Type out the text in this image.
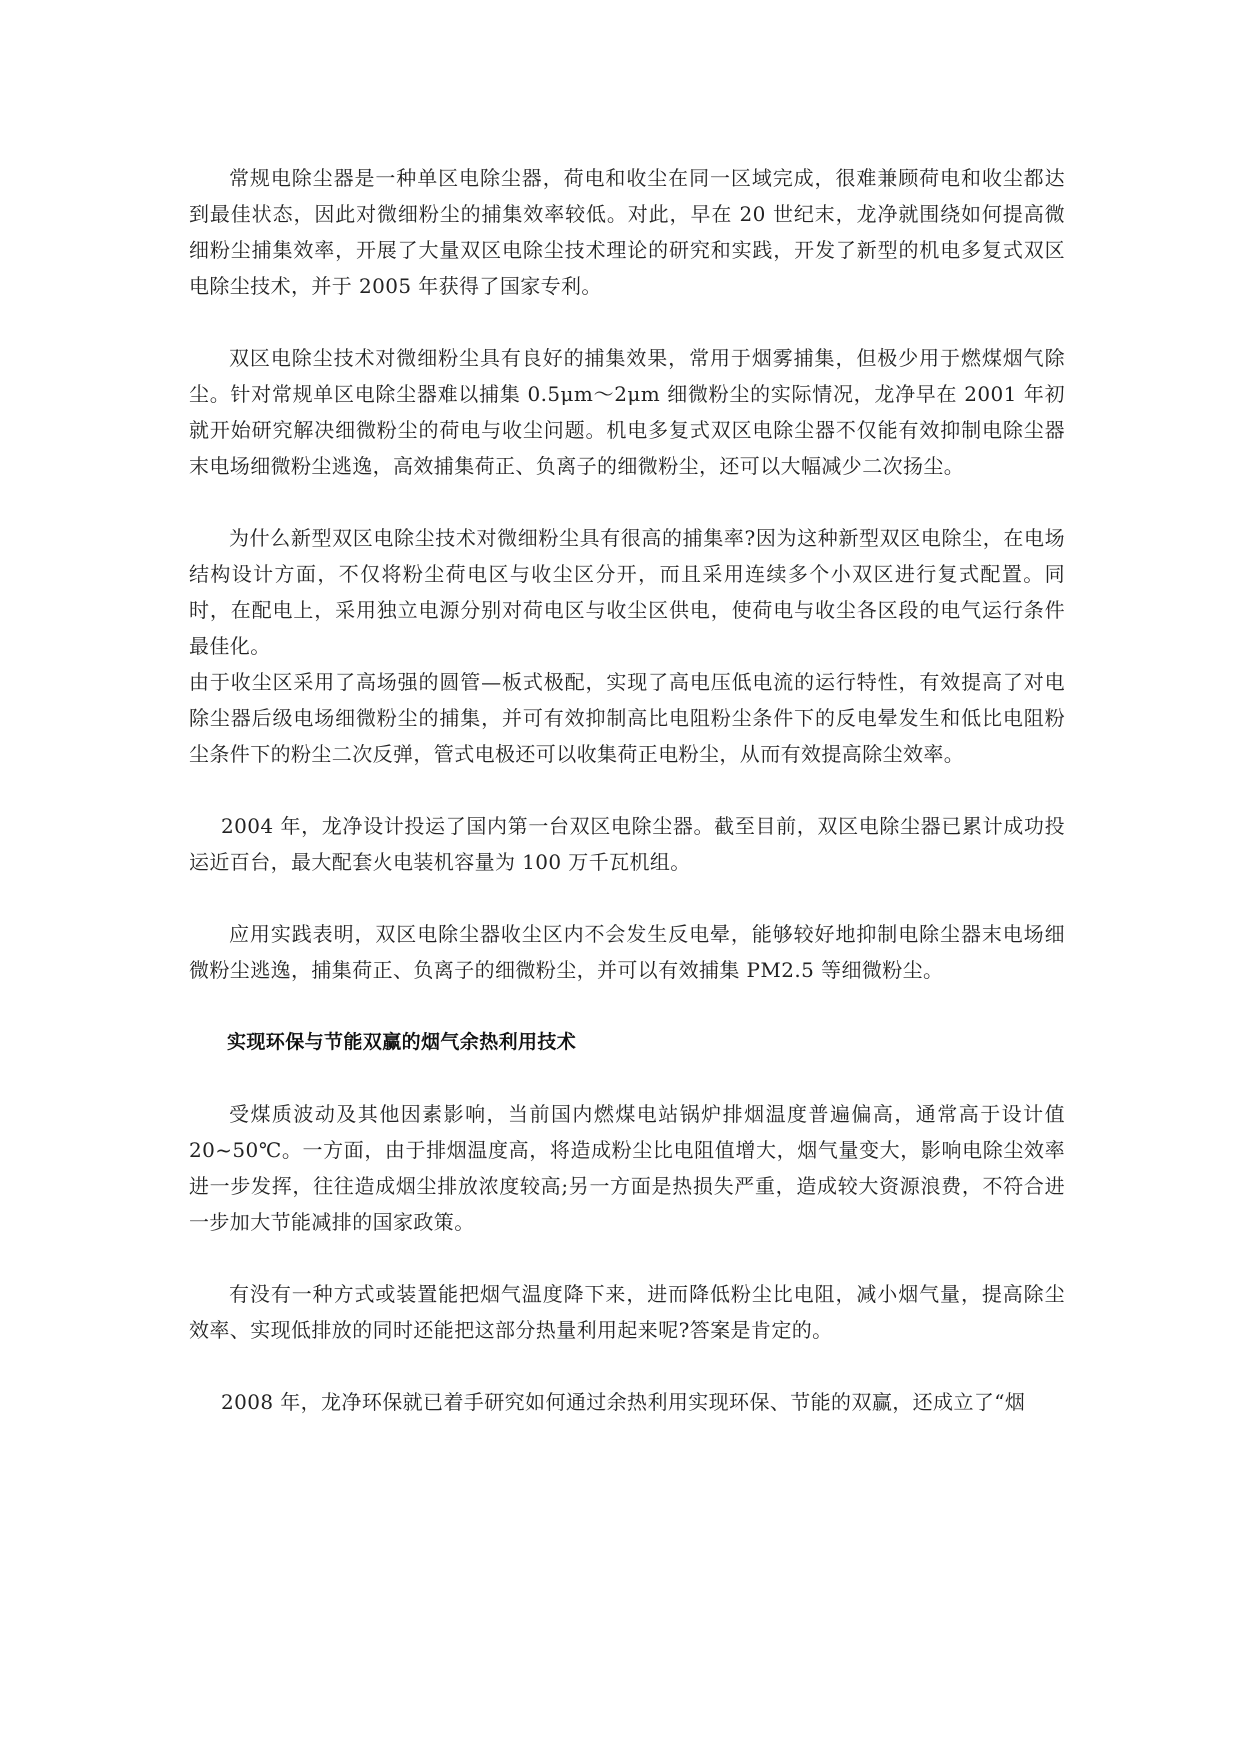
常规电除尘器是一种单区电除尘器，荷电和收尘在同一区域完成，很难兼顾荷电和收尘都达到最佳状态，因此对微细粉尘的捕集效率较低。对此，早在 20 世纪末，龙净就围绕如何提高微细粉尘捕集效率，开展了大量双区电除尘技术理论的研究和实践，开发了新型的机电多复式双区电除尘技术，并于 2005 年获得了国家专利。

双区电除尘技术对微细粉尘具有良好的捕集效果，常用于烟雾捕集，但极少用于燃煤烟气除尘。针对常规单区电除尘器难以捕集 0.5μm～2μm 细微粉尘的实际情况，龙净早在 2001 年初就开始研究解决细微粉尘的荷电与收尘问题。机电多复式双区电除尘器不仅能有效抑制电除尘器末电场细微粉尘逃逸，高效捕集荷正、负离子的细微粉尘，还可以大幅减少二次扬尘。

为什么新型双区电除尘技术对微细粉尘具有很高的捕集率?因为这种新型双区电除尘，在电场结构设计方面，不仅将粉尘荷电区与收尘区分开，而且采用连续多个小双区进行复式配置。同时，在配电上，采用独立电源分别对荷电区与收尘区供电，使荷电与收尘各区段的电气运行条件最佳化。

由于收尘区采用了高场强的圆管—板式极配，实现了高电压低电流的运行特性，有效提高了对电除尘器后级电场细微粉尘的捕集，并可有效抑制高比电阻粉尘条件下的反电晕发生和低比电阻粉尘条件下的粉尘二次反弹，管式电极还可以收集荷正电粉尘，从而有效提高除尘效率。

2004 年，龙净设计投运了国内第一台双区电除尘器。截至目前，双区电除尘器已累计成功投运近百台，最大配套火电装机容量为 100 万千瓦机组。

应用实践表明，双区电除尘器收尘区内不会发生反电晕，能够较好地抑制电除尘器末电场细微粉尘逃逸，捕集荷正、负离子的细微粉尘，并可以有效捕集 PM2.5 等细微粉尘。

实现环保与节能双赢的烟气余热利用技术

受煤质波动及其他因素影响，当前国内燃煤电站锅炉排烟温度普遍偏高，通常高于设计值 20~50℃。一方面，由于排烟温度高，将造成粉尘比电阻值增大，烟气量变大，影响电除尘效率进一步发挥，往往造成烟尘排放浓度较高;另一方面是热损失严重，造成较大资源浪费，不符合进一步加大节能减排的国家政策。

有没有一种方式或装置能把烟气温度降下来，进而降低粉尘比电阻，减小烟气量，提高除尘效率、实现低排放的同时还能把这部分热量利用起来呢?答案是肯定的。

2008 年，龙净环保就已着手研究如何通过余热利用实现环保、节能的双赢，还成立了“烟
